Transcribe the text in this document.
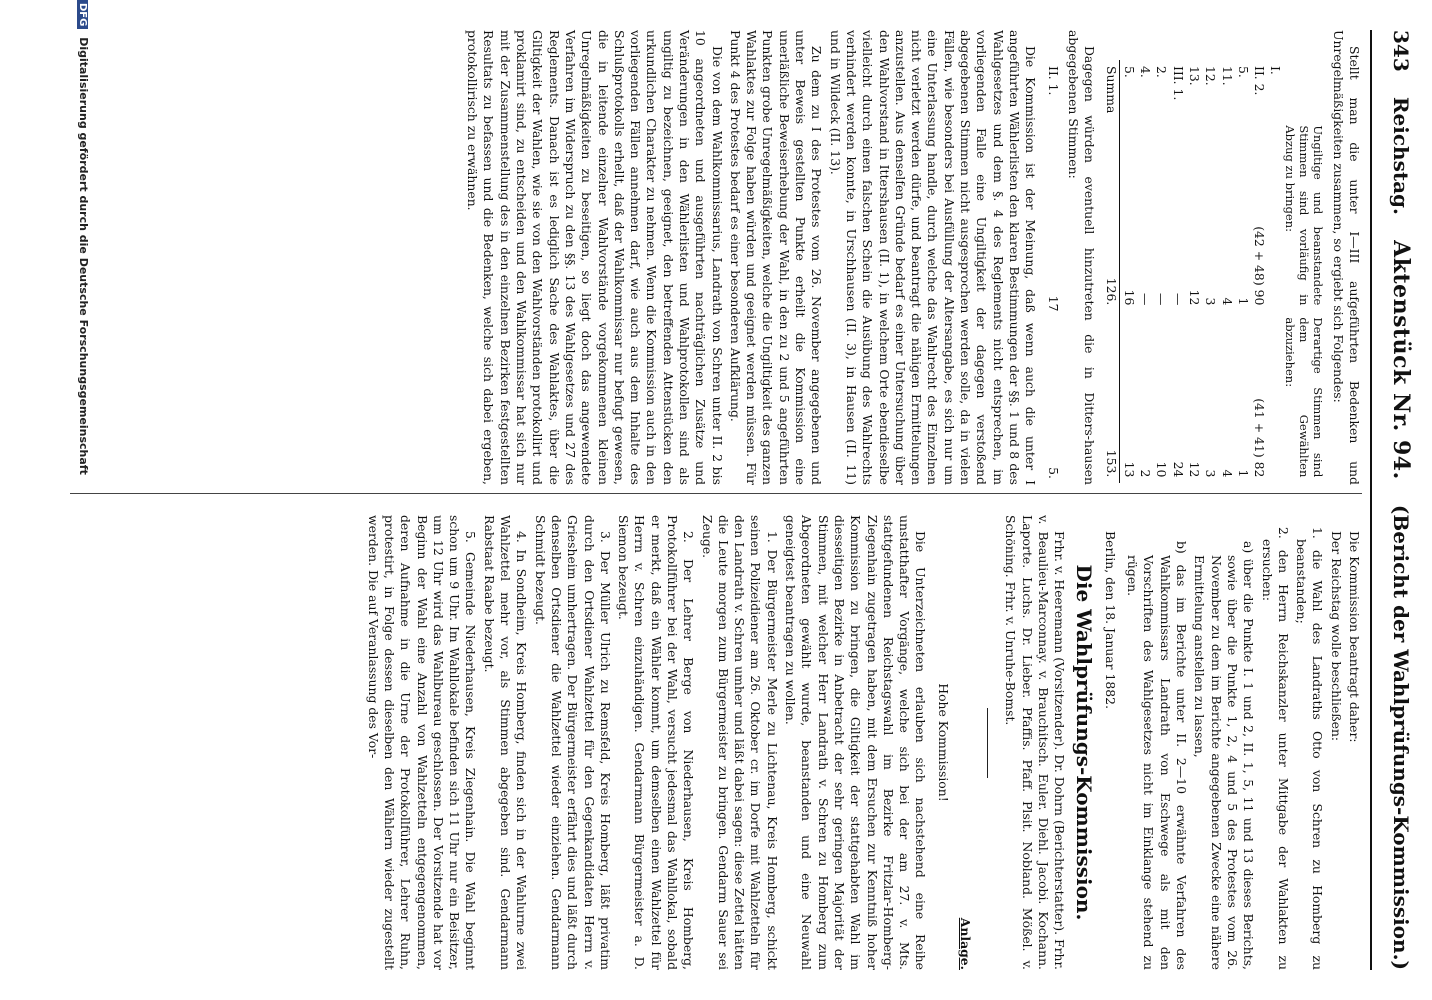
343
Reichstag.
Aktenstück Nr. 94.
(Bericht der Wahlprüfungs-Kommission.)

Stellt man die unter I—III aufgeführten Bedenken und Unregelmäßigkeiten zusammen, so ergiebt sich Folgendes:

	Ungiltige und beanstandete Stimmen sind vorläufig in Abzug zu bringen:	Derartige Stimmen sind dem Gewählten abzuziehen:
I.		
II. 2.	(42 + 48) 90	(41 + 41) 82
5.	1	1
11.	4	4
12.	3	3
13.	12	12
III. 1.	—	24
2.	—	10
4.	—	2
5.	16	13
Summa	126.	153.

Dagegen würden eventuell hinzutreten die in Ditters-hausen abgegebenen Stimmen:

II. 1.	17	5.

Die Kommission ist der Meinung, daß wenn auch die unter I angeführten Wählerlisten den klaren Bestimmungen der §§. 1 und 8 des Wahlgesetzes und dem §. 4 des Reglements nicht entsprechen, im vorliegenden Falle eine Ungiltigkeit der dagegen verstoßend abgegebenen Stimmen nicht ausgesprochen werden solle, da in vielen Fällen, wie besonders bei Ausfüllung der Altersangabe, es sich nur um eine Unterlassung handle, durch welche das Wahlrecht des Einzelnen nicht verletzt werden dürfe, und beantragt die nähigen Ermittelungen anzustellen. Aus denselfen Gründe bedarf es einer Untersuchung über den Wahlvorstand in Ittershausen (II. 1), in welchem Orte ebendieselbe vielleicht durch einen falschen Schein die Ausübung des Wahlrechts verhindert werden konnte, in Urschhausen (II. 3), in Hausen (II. 11) und in Wildeck (II. 13).

Zu dem zu I des Protestes vom 26. November angegebenen und unter Beweis gestellten Punkte erheilt die Kommission eine unerläßliche Beweiserhebung der Wahl, in den zu 2 und 5 angeführten Punkten grobe Unregelmäßigkeiten, welche die Ungiltigkeit des ganzen Wahlaktes zur Folge haben würden und geeignet werden müssen. Für Punkt 4 des Protestes bedarf es einer besonderen Aufklärung.

Die von dem Wahlkommissarius, Landrath von Schren unter II. 2 bis 10 angeordneten und ausgeführten nachträglichen Zusätze und Veränderungen in den Wählerlisten und Wahlprotokollen sind als ungiltig zu bezeichnen, geeignet, den betreffenden Attenstücken den urkundlichen Charakter zu nehmen. Wenn die Kommission auch in den vorliegenden Fällen annehmen darf, wie auch aus dem Inhalte des Schlußprotokolls erhellt, daß der Wahlkommissar nur befugt gewesen, die in leitende einzelner Wahlvorstände vorgekommenen kleinen Unregelmäßigkeiten zu beseitigen, so liegt doch das angewendete Verfahren im Widerspruch zu den §§. 13 des Wahlgesetzes und 27 des Reglements. Danach ist es lediglich Sache des Wahlaktes, über die Giltigkeit der Wahlen, wie sie von den Wahlvorständen protokollirt und proklamirt sind, zu entscheiden und den Wahlkommissar hat sich nur mit der Zusammenstellung des in den einzelnen Bezirken festgestellten Resultats zu befassen und die Bedenken, welche sich dabei ergeben, protokollirisch zu erwähnen.

Die Kommission beantragt daher:

Der Reichstag wolle beschließen:

1. die Wahl des Landraths Otto von Schren zu Homberg zu beanstanden;

2. den Herrn Reichskanzler unter Mittgabe der Wahlakten zu ersuchen:

a) über die Punkte I. 1 und 2, II. 1, 5, 11 und 13 dieses Berichts, sowie über die Punkte 1, 2, 4 und 5 des Protestes vom 26. November zu dem im Berichte angegebenen Zwecke eine nähere Ermittelung anstellen zu lassen,

b) das im Berichte unter II. 2—10 erwähnte Verfahren des Wahlkommissars Landrath von Eschwege als mit den Vorschriften des Wahlgesetzes nicht im Einklange stehend zu rügen.

Berlin, den 18. Januar 1882.

Die Wahlprüfungs-Kommission.

Frhr. v. Heeremann (Vorsitzender). Dr. Dohrn (Berichterstatter). Frhr. v. Beaulieu-Marconnay. v. Brauchitsch. Euler. Diehl. Jacobi. Kochann. Laporte. Luchs. Dr. Lieber. Pfaffis. Pfaff. Plsit. Nobland. Mößel. v. Schöning. Frhr. v. Unruhe-Bomst.

Anlage.

Hohe Kommission!

Die Unterzeichneten erlauben sich nachstehend eine Reihe unstatthafter Vorgänge, welche sich bei der am 27. v. Mts. stattgefundenen Reichstagswahl im Bezirke Fritzlar-Homberg-Ziegenhain zugetragen haben, mit dem Ersuchen zur Kenntniß hoher Kommission zu bringen, die Giltigkeit der stattgehabten Wahl im diesseitigen Bezirke in Anbetracht der sehr geringen Majorität der Stimmen, mit welcher Herr Landrath v. Schren zu Homberg zum Abgeordneten gewählt wurde, beanstanden und eine Neuwahl geneigtest beantragen zu wollen.

1. Der Bürgermeister Merle zu Lichtenau, Kreis Homberg, schickt seinen Polizeidiener am 26. Oktober cr. im Dorfe mit Wahlzetteln für den Landrath v. Schren umher und läßt dabei sagen: diese Zettel hätten die Leute morgen zum Bürgermeister zu bringen. Gendarm Sauer sei Zeuge.

2. Der Lehrer Berge von Niederhausen, Kreis Homberg, Protokollführer bei der Wahl, versucht jedesmal das Wahllokal, sobald er merkt, daß ein Wähler kommt, um demselben einen Wahlzettel für Herrn v. Schren einzuhändigen. Gendarmann Bürgermeister a. D. Siemon bezeugt.

3. Der Müller Ulrich zu Remsfeld, Kreis Homberg, läßt privatim durch den Ortsdiener Wahlzettel für den Gegenkandidaten Herrn v. Griesheim umhertragen. Der Bürgermeister erfährt dies und läßt durch denselben Ortsdiener die Wahlzettel wieder einziehen. Gendarmann Schmidt bezeugt.

4. In Sondheim, Kreis Homberg, finden sich in der Wahlurne zwei Wahlzettel mehr vor, als Stimmen abgegeben sind. Gendarmann Rabstaat Raabe bezeugt.

5. Gemeinde Niederhausen, Kreis Ziegenhain. Die Wahl beginnt schon um 9 Uhr. Im Wahllokale befinden sich 11 Uhr nur ein Beisitzer, um 12 Uhr wird das Wahlbureau geschlossen. Der Vorsitzende hat vor Beginn der Wahl eine Anzahl von Wahlzetteln entgegengenommen, deren Aufnahme in die Urne der Protokollführer, Lehrer Ruhn, protestirt, in Folge dessen dieselben den Wählern wieder zugestellt werden. Die auf Veranlassung des Vor-

DFG Digitalisierung gefördert durch die Deutsche Forschungsgemeinschaft
